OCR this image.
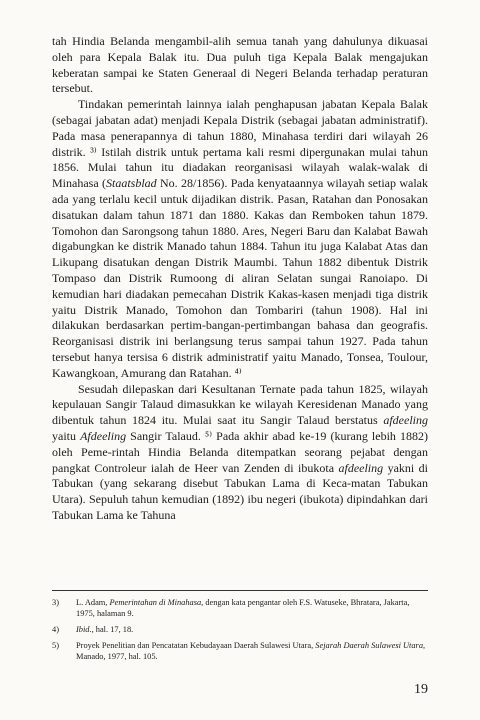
tah Hindia Belanda mengambil-alih semua tanah yang dahulunya dikuasai oleh para Kepala Balak itu. Dua puluh tiga Kepala Balak mengajukan keberatan sampai ke Staten Generaal di Negeri Belanda terhadap peraturan tersebut.

Tindakan pemerintah lainnya ialah penghapusan jabatan Kepala Balak (sebagai jabatan adat) menjadi Kepala Distrik (sebagai jabatan administratif). Pada masa penerapannya di tahun 1880, Minahasa terdiri dari wilayah 26 distrik. ³⁾ Istilah distrik untuk pertama kali resmi dipergunakan mulai tahun 1856. Mulai tahun itu diadakan reorganisasi wilayah walak-walak di Minahasa (Staatsblad No. 28/1856). Pada kenyataannya wilayah setiap walak ada yang terlalu kecil untuk dijadikan distrik. Pasan, Ratahan dan Ponosakan disatukan dalam tahun 1871 dan 1880. Kakas dan Remboken tahun 1879. Tomohon dan Sarongsong tahun 1880. Ares, Negeri Baru dan Kalabat Bawah digabungkan ke distrik Manado tahun 1884. Tahun itu juga Kalabat Atas dan Likupang disatukan dengan Distrik Maumbi. Tahun 1882 dibentuk Distrik Tompaso dan Distrik Rumoong di aliran Selatan sungai Ranoiapo. Di kemudian hari diadakan pemecahan Distrik Kakas-kasen menjadi tiga distrik yaitu Distrik Manado, Tomohon dan Tombariri (tahun 1908). Hal ini dilakukan berdasarkan pertim-bangan-pertimbangan bahasa dan geografis. Reorganisasi distrik ini berlangsung terus sampai tahun 1927. Pada tahun tersebut hanya tersisa 6 distrik administratif yaitu Manado, Tonsea, Toulour, Kawangkoan, Amurang dan Ratahan. ⁴⁾

Sesudah dilepaskan dari Kesultanan Ternate pada tahun 1825, wilayah kepulauan Sangir Talaud dimasukkan ke wilayah Keresidenan Manado yang dibentuk tahun 1824 itu. Mulai saat itu Sangir Talaud berstatus afdeeling yaitu Afdeeling Sangir Talaud. ⁵⁾ Pada akhir abad ke-19 (kurang lebih 1882) oleh Peme-rintah Hindia Belanda ditempatkan seorang pejabat dengan pangkat Controleur ialah de Heer van Zenden di ibukota afdeeling yakni di Tabukan (yang sekarang disebut Tabukan Lama di Keca-matan Tabukan Utara). Sepuluh tahun kemudian (1892) ibu negeri (ibukota) dipindahkan dari Tabukan Lama ke Tahuna

3)	L. Adam, Pemerintahan di Minahasa, dengan kata pengantar oleh F.S. Watuseke, Bhratara, Jakarta, 1975, halaman 9.
4)	Ibid., hal. 17, 18.
5)	Proyek Penelitian dan Pencatatan Kebudayaan Daerah Sulawesi Utara, Sejarah Daerah Sulawesi Utara, Manado, 1977, hal. 105.
19
